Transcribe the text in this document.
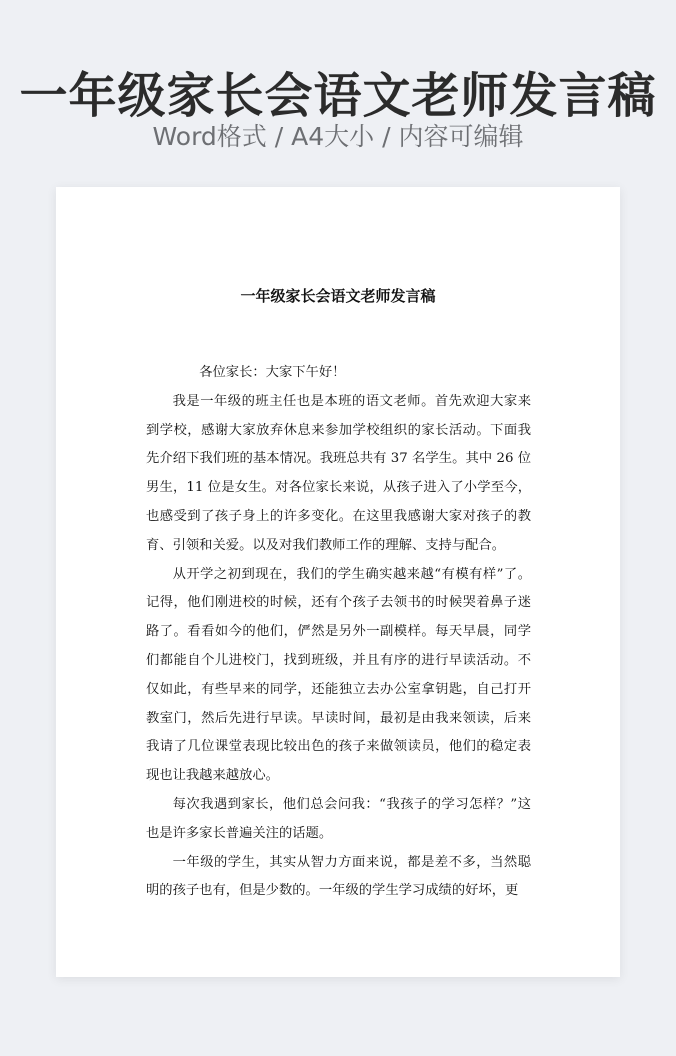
一年级家长会语文老师发言稿
Word格式 / A4大小 / 内容可编辑
一年级家长会语文老师发言稿

各位家长：大家下午好！

我是一年级的班主任也是本班的语文老师。首先欢迎大家来到学校，感谢大家放弃休息来参加学校组织的家长活动。下面我先介绍下我们班的基本情况。我班总共有 37 名学生。其中 26 位男生，11 位是女生。对各位家长来说，从孩子进入了小学至今，也感受到了孩子身上的许多变化。在这里我感谢大家对孩子的教育、引领和关爱。以及对我们教师工作的理解、支持与配合。

从开学之初到现在，我们的学生确实越来越“有模有样”了。记得，他们刚进校的时候，还有个孩子去领书的时候哭着鼻子迷路了。看看如今的他们，俨然是另外一副模样。每天早晨，同学们都能自个儿进校门，找到班级，并且有序的进行早读活动。不仅如此，有些早来的同学，还能独立去办公室拿钥匙，自己打开教室门，然后先进行早读。早读时间，最初是由我来领读，后来我请了几位课堂表现比较出色的孩子来做领读员，他们的稳定表现也让我越来越放心。

每次我遇到家长，他们总会问我：“我孩子的学习怎样？”这也是许多家长普遍关注的话题。

一年级的学生，其实从智力方面来说，都是差不多，当然聪明的孩子也有，但是少数的。一年级的学生学习成绩的好坏，更
